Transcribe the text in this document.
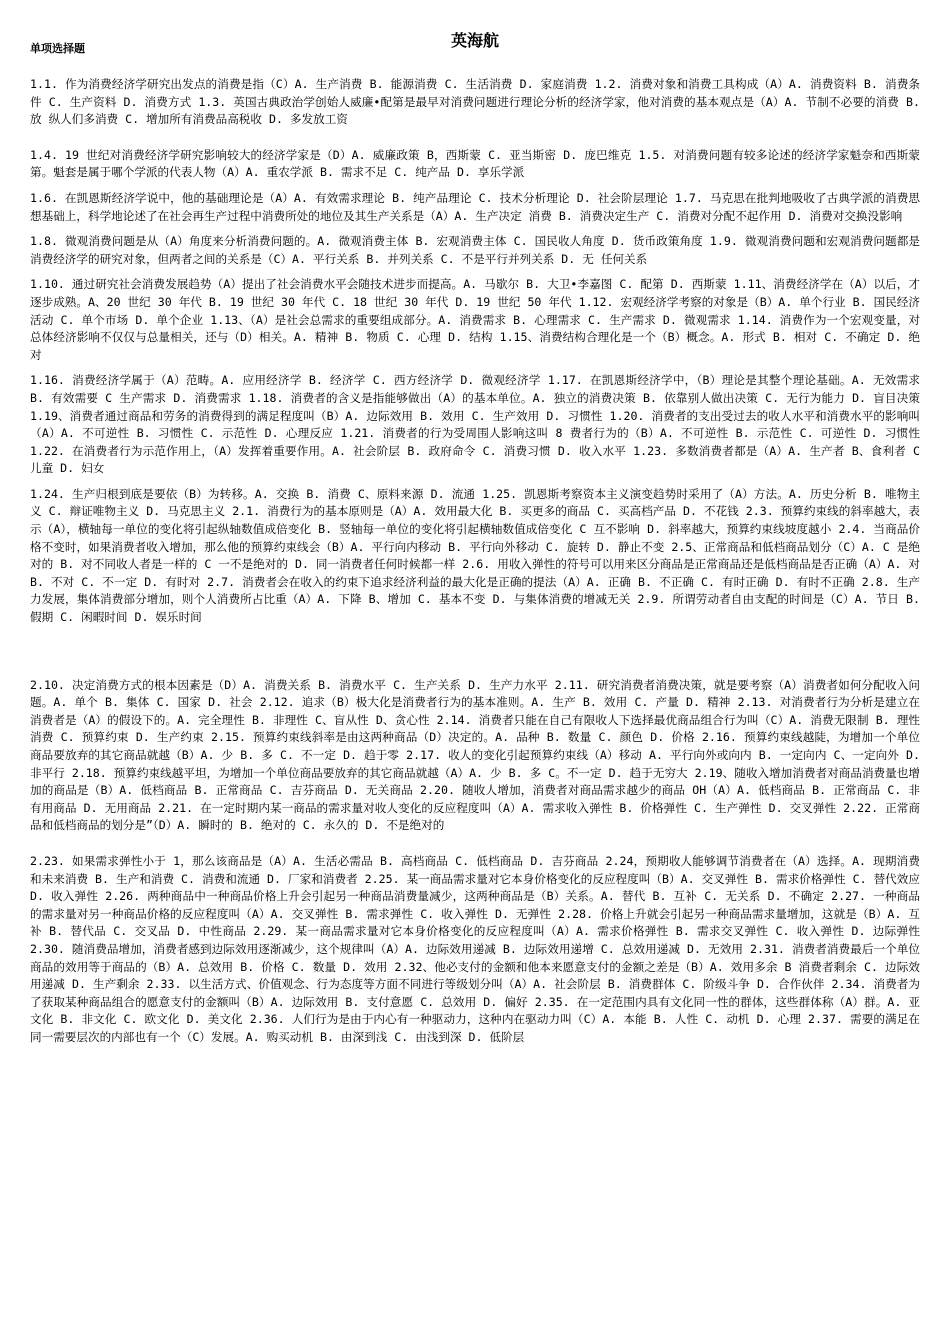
英海航
单项选择题

1.1. 作为消费经济学研究出发点的消费是指（C）A. 生产消费 B. 能源消费 C. 生活消费 D. 家庭消费 1.2. 消费对象和消费工具构成（A）A. 消费资料 B. 消费条件 C. 生产资料 D. 消费方式 1.3. 英国古典政治学创始人威廉•配第是最早对消费问题进行理论分析的经济学家，他对消费的基本观点是（A）A. 节制不必要的消费 B. 放 纵人们多消费 C. 增加所有消费品高税收 D. 多发放工资

1.4. 19 世纪对消费经济学研究影响较大的经济学家是（D）A. 威廉政策 B，西斯蒙 C. 亚当斯密 D. 庞巴维克 1.5. 对消费问题有较多论述的经济学家魁奈和西斯蒙第。魁套是属于哪个学派的代表人物（A）A. 重农学派 B. 需求不足 C. 纯产品 D. 享乐学派

1.6. 在凯恩斯经济学说中，他的基础理论是（A）A. 有效需求理论 B. 纯产品理论 C. 技术分析理论 D. 社会阶层理论 1.7. 马克思在批判地吸收了古典学派的消费思想基础上，科学地论述了在社会再生产过程中消费所处的地位及其生产关系是（A）A. 生产决定 消费 B. 消费决定生产 C. 消费对分配不起作用 D. 消费对交换没影响

1.8. 微观消费问题是从（A）角度来分析消费问题的。A. 微观消费主体 B. 宏观消费主体 C. 国民收人角度 D. 货币政策角度 1.9. 微观消费问题和宏观消费问题都是消费经济学的研究对象，但两者之间的关系是（C）A. 平行关系 B. 并列关系 C. 不是平行并列关系 D. 无 任何关系

1.10. 通过研究社会消费发展趋势（A）提出了社会消费水平会随技术进步而提高。A. 马歇尔 B. 大卫•李嘉图 C. 配第 D. 西斯蒙 1.11、消费经济学在（A）以后，才逐步成熟。A、20 世纪 30 年代 B. 19 世纪 30 年代 C. 18 世纪 30 年代 D. 19 世纪 50 年代 1.12. 宏观经济学考察的对象是（B）A. 单个行业 B. 国民经济活动 C. 单个市场 D. 单个企业 1.13、（A）是社会总需求的重要组成部分。A. 消费需求 B. 心理需求 C. 生产需求 D. 微观需求 1.14. 消费作为一个宏观变量，对总体经济影响不仅仅与总量相关，还与（D）相关。A. 精神 B. 物质 C. 心理 D. 结构 1.15、消费结构合理化是一个（B）概念。A. 形式 B. 相对 C. 不确定 D. 绝对

1.16. 消费经济学属于（A）范畴。A. 应用经济学 B. 经济学 C. 西方经济学 D. 微观经济学 1.17. 在凯恩斯经济学中，（B）理论是其整个理论基础。A. 无效需求 B. 有效需要 C 生产需求 D. 消费需求 1.18. 消费者的含义是指能够做出（A）的基本单位。A. 独立的消费决策 B. 依靠别人做出决策 C. 无行为能力 D. 盲目决策 1.19、消费者通过商品和劳务的消费得到的满足程度叫（B）A. 边际效用 B. 效用 C. 生产效用 D. 习惯性 1.20. 消费者的支出受过去的收人水平和消费水平的影响叫（A）A. 不可逆性 B. 习惯性 C. 示范性 D. 心理反应 1.21. 消费者的行为受周围人影响这叫 8 费者行为的（B）A. 不可逆性 B. 示范性 C. 可逆性 D. 习惯性 1.22. 在消费者行为示范作用上，（A）发挥着重要作用。A. 社会阶层 B. 政府命令 C. 消费习惯 D. 收入水平 1.23. 多数消费者都是（A）A. 生产者 B、食利者 C 儿童 D. 妇女

1.24. 生产归根到底是要依（B）为转移。A. 交换 B. 消费 C、原料来源 D. 流通 1.25. 凯恩斯考察资本主义演变趋势时采用了（A）方法。A. 历史分析 B. 唯物主义 C. 辩证唯物主义 D. 马克思主义 2.1. 消费行为的基本原则是（A）A. 效用最大化 B. 买更多的商品 C. 买高档产品 D. 不花钱 2.3. 预算约束线的斜率越大，表示（A），横轴每一单位的变化将引起纵轴数值成倍变化 B. 竖轴每一单位的变化将引起横轴数值成倍变化 C 互不影响 D. 斜率越大，预算约束线坡度越小 2.4. 当商品价格不变时，如果消费者收入增加，那么他的预算约束线会（B）A. 平行向内移动 B. 平行向外移动 C. 旋转 D. 静止不变 2.5、正常商品和低档商品划分（C）A. C 是绝对的 B. 对不同收人者是一样的 C 一不是绝对的 D. 同一消费者任何时候都一样 2.6. 用收入弹性的符号可以用来区分商品是正常商品还是低档商品是否正确（A）A. 对 B. 不对 C. 不一定 D. 有时对 2.7. 消费者会在收入的约束下追求经济利益的最大化是正确的提法（A）A. 正确 B. 不正确 C. 有时正确 D. 有时不正确 2.8. 生产力发展，集体消费部分增加，则个人消费所占比重（A）A. 下降 B、增加 C. 基本不变 D. 与集体消费的增减无关 2.9. 所谓劳动者自由支配的时间是（C）A. 节日 B. 假期 C. 闲暇时间 D. 娱乐时间

2.10. 决定消费方式的根本因素是（D）A. 消费关系 B. 消费水平 C. 生产关系 D. 生产力水平 2.11. 研究消费者消费决策，就是要考察（A）消费者如何分配收入问题。A. 单个 B. 集体 C. 国家 D. 社会 2.12. 追求（B）极大化是消费者行为的基本准则。A. 生产 B. 效用 C. 产量 D. 精神 2.13. 对消费者行为分析是建立在消费者是（A）的假设下的。A. 完全理性 B. 非理性 C、盲从性 D、贪心性 2.14. 消费者只能在自己有限收人下选择最优商品组合行为叫（C）A. 消费无限制 B. 理性消费 C. 预算约束 D. 生产约束 2.15. 预算约束线斜率是由这两种商品（D）决定的。A. 品种 B. 数量 C. 颜色 D. 价格 2.16. 预算约束线越陡，为增加一个单位商品要放弃的其它商品就越（B）A. 少 B. 多 C. 不一定 D. 趋于零 2.17. 收人的变化引起预算约束线（A）移动 A. 平行向外或向内 B. 一定向内 C、一定向外 D. 非平行 2.18. 预算约束线越平坦，为增加一个单位商品要放弃的其它商品就越（A）A. 少 B. 多 C。不一定 D. 趋于无穷大 2.19、随收入增加消费者对商品消费量也增加的商品是（B）A. 低档商品 B. 正常商品 C. 吉芬商品 D. 无关商品 2.20. 随收人增加，消费者对商品需求越少的商品 OH（A）A. 低档商品 B. 正常商品 C. 非有用商品 D. 无用商品 2.21. 在一定时期内某一商品的需求量对收人变化的反应程度叫（A）A. 需求收入弹性 B. 价格弹性 C. 生产弹性 D. 交叉弹性 2.22. 正常商品和低档商品的划分是”（D）A. 瞬时的 B. 绝对的 C. 永久的 D. 不是绝对的

2.23. 如果需求弹性小于 1，那么该商品是（A）A. 生活必需品 B. 高档商品 C. 低档商品 D. 吉芬商品 2.24，预期收人能够调节消费者在（A）选择。A. 现期消费和未来消费 B. 生产和消费 C. 消费和流通 D. 厂家和消费者 2.25. 某一商品需求量对它本身价格变化的反应程度叫（B）A. 交叉弹性 B. 需求价格弹性 C. 替代效应 D. 收入弹性 2.26. 两种商品中一种商品价格上升会引起另一种商品消费量减少，这两种商品是（B）关系。A. 替代 B. 互补 C. 无关系 D. 不确定 2.27. 一种商品的需求量对另一种商品价格的反应程度叫（A）A. 交叉弹性 B. 需求弹性 C. 收入弹性 D. 无弹性 2.28. 价格上升就会引起另一种商品需求量增加，这就是（B）A. 互补 B. 替代品 C. 交叉品 D. 中性商品 2.29. 某一商品需求量对它本身价格变化的反应程度叫（A）A. 需求价格弹性 B. 需求交叉弹性 C. 收入弹性 D. 边际弹性 2.30. 随消费品增加，消费者感到边际效用逐渐减少，这个规律叫（A）A. 边际效用递减 B. 边际效用递增 C. 总效用递减 D. 无效用 2.31. 消费者消费最后一个单位商品的效用等于商品的（B）A. 总效用 B. 价格 C. 数量 D. 效用 2.32、他必支付的金额和他本来愿意支付的金额之差是（B）A. 效用多余 B 消费者剩余 C. 边际效用递减 D. 生产剩余 2.33. 以生活方式、价值观念、行为态度等方面不同进行等级划分叫（A）A. 社会阶层 B. 消费群体 C. 阶级斗争 D. 合作伙伴 2.34. 消费者为了获取某种商品组合的愿意支付的金额叫（B）A. 边际效用 B. 支付意愿 C. 总效用 D. 偏好 2.35. 在一定范围内具有文化同一性的群体，这些群体称（A）群。A. 亚文化 B. 非文化 C. 欧文化 D. 美文化 2.36. 人们行为是由于内心有一种驱动力，这种内在驱动力叫（C）A. 本能 B. 人性 C. 动机 D. 心理 2.37. 需要的满足在同一需要层次的内部也有一个（C）发展。A. 购买动机 B. 由深到浅 C. 由浅到深 D. 低阶层
